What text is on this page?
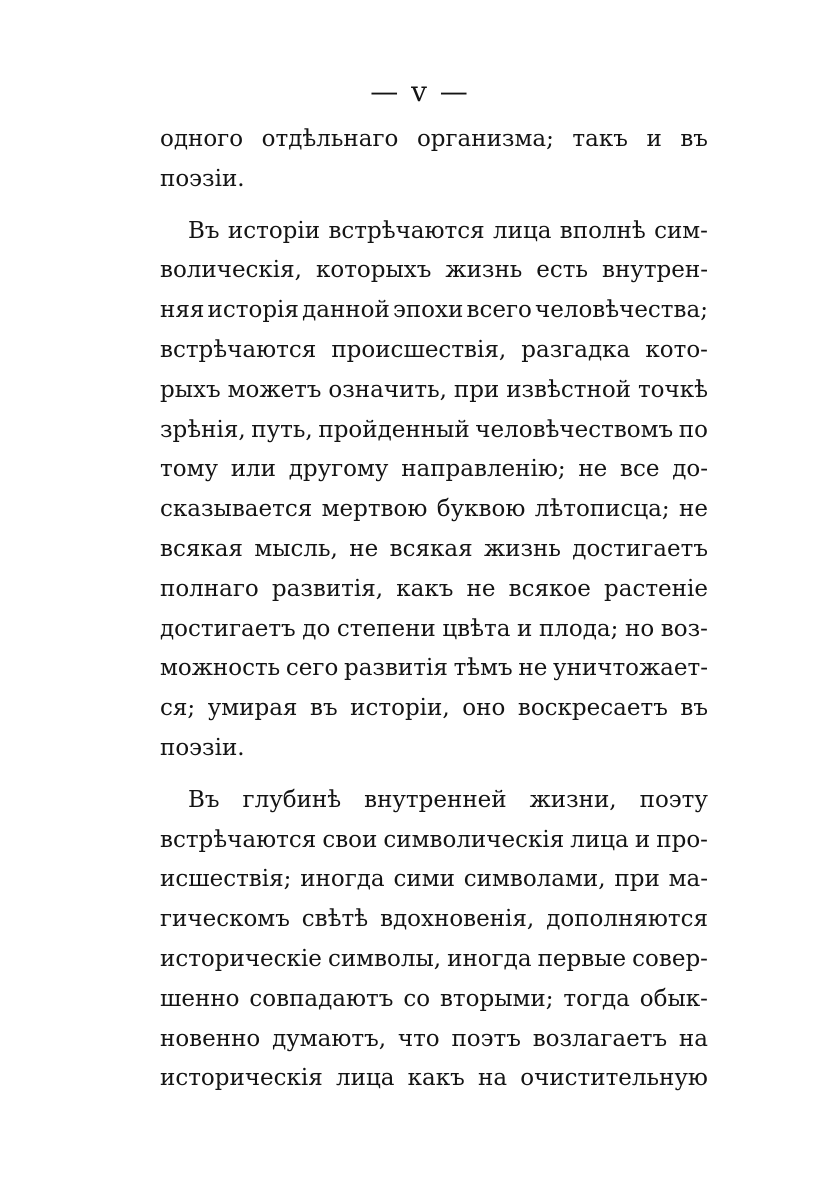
— v —
одного отдѣльнаго организма; такъ и въ
поэзіи.
Въ исторіи встрѣчаются лица вполнѣ сим-
волическія, которыхъ жизнь есть внутрен-
няя исторія данной эпохи всего человѣчества;
встрѣчаются происшествія, разгадка кото-
рыхъ можетъ означить, при извѣстной точкѣ
зрѣнія, путь, пройденный человѣчествомъ по
тому или другому направленію; не все до-
сказывается мертвою буквою лѣтописца; не
всякая мысль, не всякая жизнь достигаетъ
полнаго развитія, какъ не всякое растеніе
достигаетъ до степени цвѣта и плода; но воз-
можность сего развитія тѣмъ не уничтожает-
ся; умирая въ исторіи, оно воскресаетъ въ
поэзіи.
Въ глубинѣ внутренней жизни, поэту
встрѣчаются свои символическія лица и про-
исшествія; иногда сими символами, при ма-
гическомъ свѣтѣ вдохновенія, дополняются
историческіе символы, иногда первые совер-
шенно совпадаютъ со вторыми; тогда обык-
новенно думаютъ, что поэтъ возлагаетъ на
историческія лица какъ на очистительную
